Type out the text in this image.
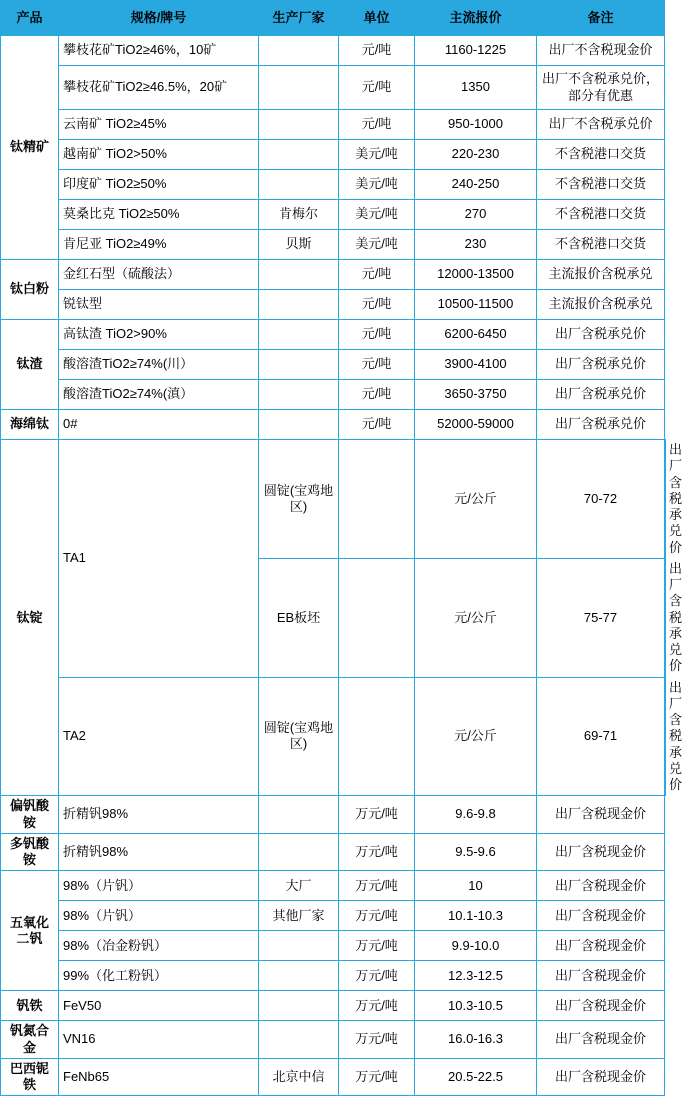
产品	规格/牌号	生产厂家	单位	主流报价	备注	
钛精矿	攀枝花矿TiO2≥46%，10矿		元/吨	1160-1225	出厂不含税现金价	
	攀枝花矿TiO2≥46.5%，20矿		元/吨	1350	出厂不含税承兑价，部分有优惠	
	云南矿 TiO2≥45%		元/吨	950-1000	出厂不含税承兑价	
	越南矿 TiO2>50%		美元/吨	220-230	不含税港口交货	
	印度矿 TiO2≥50%		美元/吨	240-250	不含税港口交货	
	莫桑比克 TiO2≥50%	肯梅尔	美元/吨	270	不含税港口交货	
	肯尼亚 TiO2≥49%	贝斯	美元/吨	230	不含税港口交货	
钛白粉	金红石型（硫酸法）		元/吨	12000-13500	主流报价含税承兑	
	锐钛型		元/吨	10500-11500	主流报价含税承兑	
钛渣	高钛渣 TiO2>90%		元/吨	6200-6450	出厂含税承兑价	
	酸溶渣TiO2≥74%(川）		元/吨	3900-4100	出厂含税承兑价	
	酸溶渣TiO2≥74%(滇）		元/吨	3650-3750	出厂含税承兑价	
海绵钛	0#		元/吨	52000-59000	出厂含税承兑价	
钛锭	TA1	圆锭(宝鸡地区)		元/公斤	70-72	出厂含税承兑价
		EB板坯		元/公斤	75-77	出厂含税承兑价
	TA2	圆锭(宝鸡地区)		元/公斤	69-71	出厂含税承兑价
偏钒酸铵	折精钒98%		万元/吨	9.6-9.8	出厂含税现金价	
多钒酸铵	折精钒98%		万元/吨	9.5-9.6	出厂含税现金价	
五氧化二钒	98%（片钒）	大厂	万元/吨	10	出厂含税现金价	
	98%（片钒）	其他厂家	万元/吨	10.1-10.3	出厂含税现金价	
	98%（冶金粉钒）		万元/吨	9.9-10.0	出厂含税现金价	
	99%（化工粉钒）		万元/吨	12.3-12.5	出厂含税现金价	
钒铁	FeV50		万元/吨	10.3-10.5	出厂含税现金价	
钒氮合金	VN16		万元/吨	16.0-16.3	出厂含税现金价	
巴西铌铁	FeNb65	北京中信	万元/吨	20.5-22.5	出厂含税现金价	
